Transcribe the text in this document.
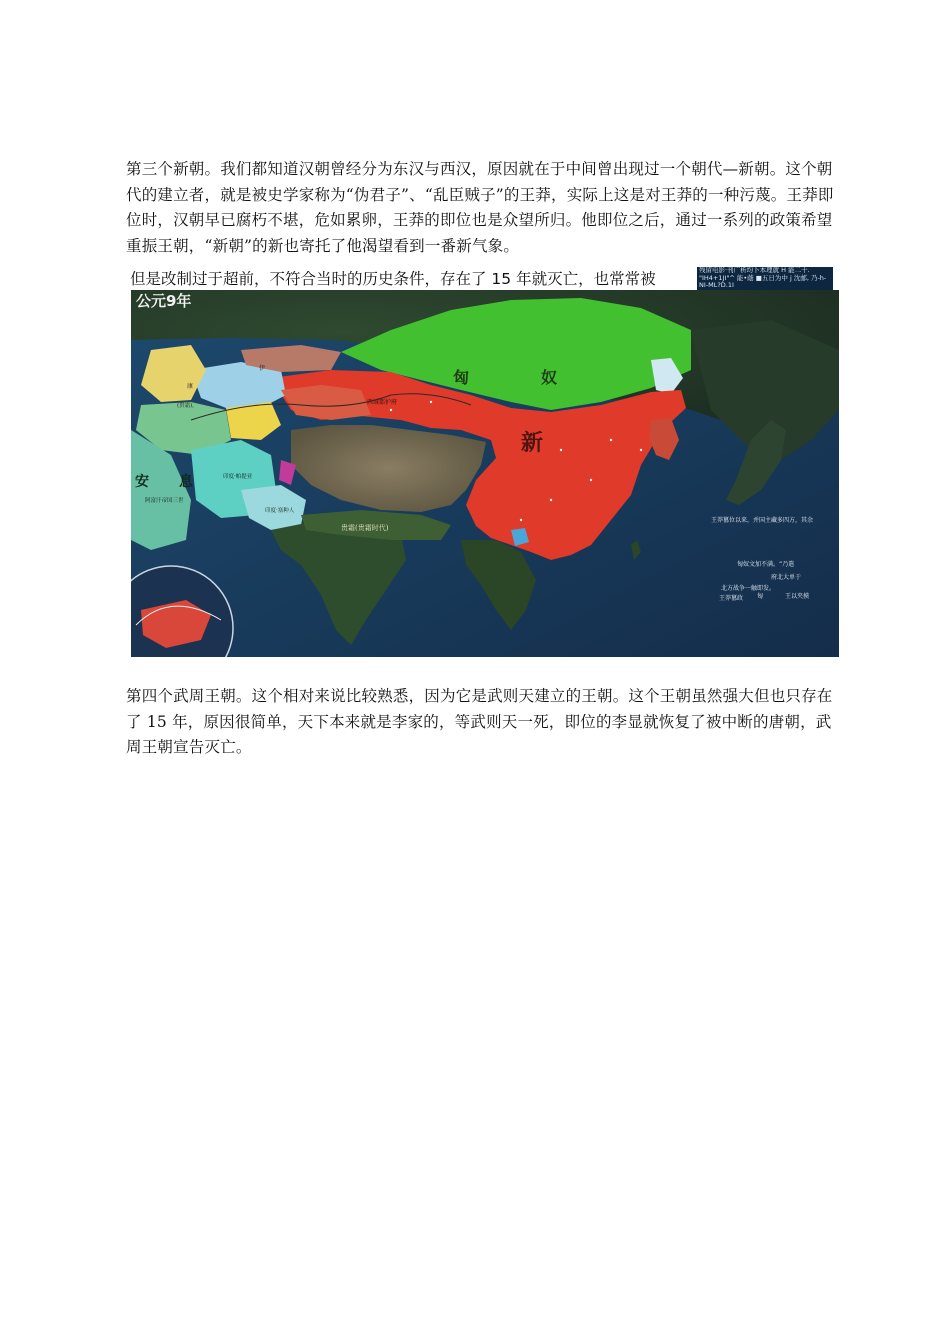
第三个新朝。我们都知道汉朝曾经分为东汉与西汉，原因就在于中间曾出现过一个朝代—新朝。这个朝代的建立者，就是被史学家称为“伪君子”、“乱臣贼子”的王莽，实际上这是对王莽的一种污蔑。王莽即位时，汉朝早已腐朽不堪，危如累卵，王莽的即位也是众望所归。他即位之后，通过一系列的政策希望重振王朝，“新朝”的新也寄托了他渴望看到一番新气象。

但是改制过于超前，不符合当时的历史条件，存在了 15 年就灭亡，也常常被	残留电影·刊广析均卜本理就 H 能二十.
"IH4+1JI"^ 能•蔭 ■五日为中 j 沈邮, 乃-h-
NI-ML?D.1I
公元9年
匈	奴
新
安 息
贵霜(贵霜时代)
西域都护府
(贵霜),
阿富汗帝国三世
印度·帕提亚
印度·塞种人
伊
康
王莽篡位以来，并国主藏多四方，其余
匈奴文加不满。“乃遣
府北大单于
北方战争一触即发。
王莽篡政 匈	王以夹摸

第四个武周王朝。这个相对来说比较熟悉，因为它是武则天建立的王朝。这个王朝虽然强大但也只存在了 15 年，原因很简单，天下本来就是李家的，等武则天一死，即位的李显就恢复了被中断的唐朝，武周王朝宣告灭亡。
